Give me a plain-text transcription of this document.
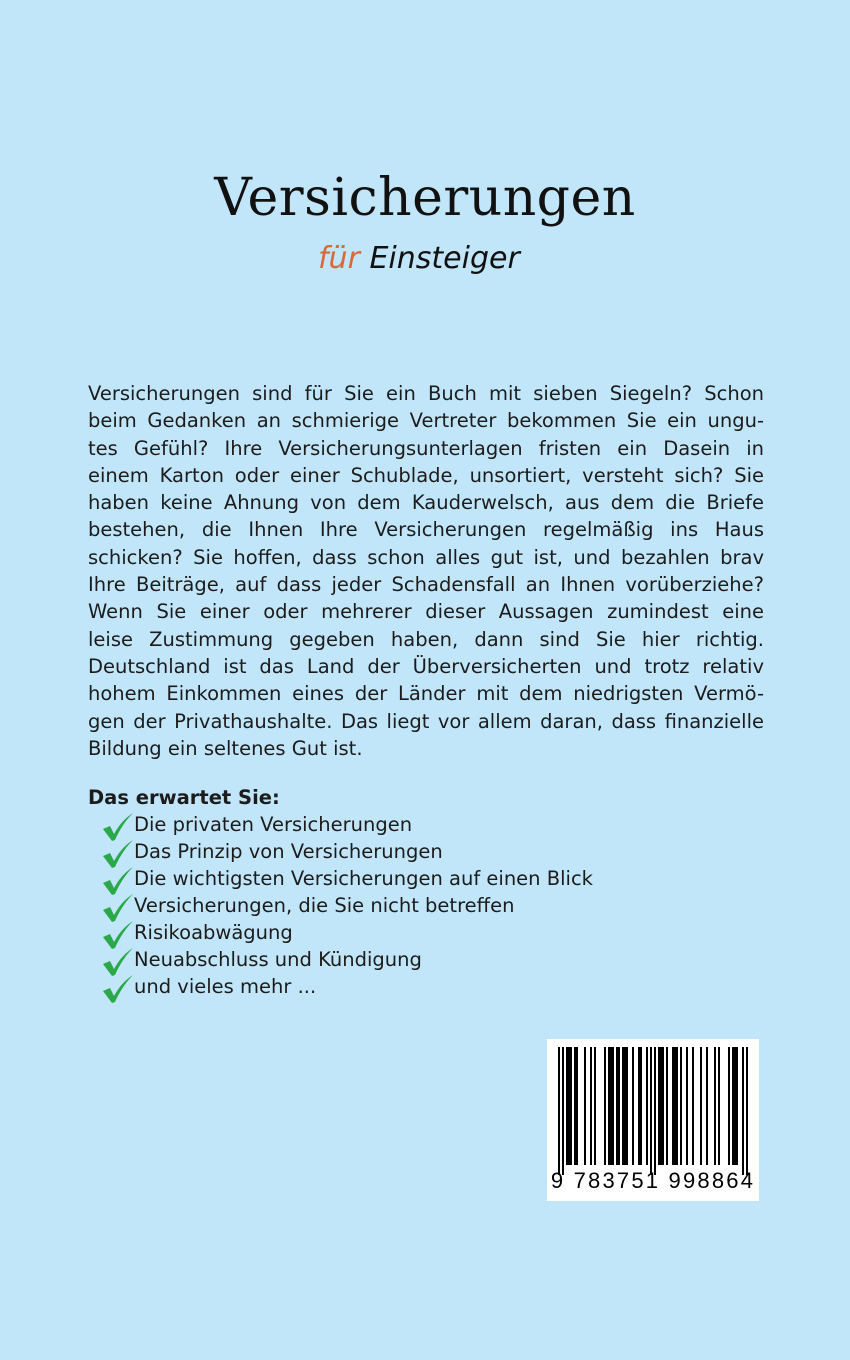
Versicherungen
für Einsteiger
Versicherungen sind für Sie ein Buch mit sieben Siegeln? Schon
beim Gedanken an schmierige Vertreter bekommen Sie ein ungu-
tes Gefühl? Ihre Versicherungsunterlagen fristen ein Dasein in
einem Karton oder einer Schublade, unsortiert, versteht sich? Sie
haben keine Ahnung von dem Kauderwelsch, aus dem die Briefe
bestehen, die Ihnen Ihre Versicherungen regelmäßig ins Haus
schicken? Sie hoffen, dass schon alles gut ist, und bezahlen brav
Ihre Beiträge, auf dass jeder Schadensfall an Ihnen vorüberziehe?
Wenn Sie einer oder mehrerer dieser Aussagen zumindest eine
leise Zustimmung gegeben haben, dann sind Sie hier richtig.
Deutschland ist das Land der Überversicherten und trotz relativ
hohem Einkommen eines der Länder mit dem niedrigsten Vermö-
gen der Privathaushalte. Das liegt vor allem daran, dass finanzielle
Bildung ein seltenes Gut ist.
Das erwartet Sie:
Die privaten Versicherungen
Das Prinzip von Versicherungen
Die wichtigsten Versicherungen auf einen Blick
Versicherungen, die Sie nicht betreffen
Risikoabwägung
Neuabschluss und Kündigung
und vieles mehr ...
9 783751 998864
